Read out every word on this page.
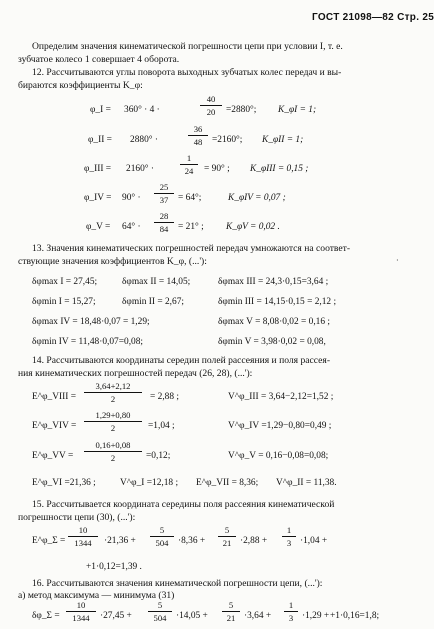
ГОСТ 21098—82 Стр. 25
Определим значения кинематической погрешности цепи при условии I, т. е.
зубчатое колесо 1 совершает 4 оборота.
12. Рассчитываются углы поворота выходных зубчатых колес передач и вы-
бираются коэффициенты K_φ:
φ_I = 360° · 4 ·
40
20	=2880°; K_φI = 1;
φ_II = 2880° ·
36
48	=2160°; K_φII = 1;
φ_III = 2160° ·
1
24	= 90° ; K_φIII = 0,15 ;
φ_IV = 90° ·
25
37	= 64°;	K_φIV = 0,07 ;
φ_V = 64° ·
28
84	= 21° ; K_φV = 0,02 .
13. Значения кинематических погрешностей передач умножаются на соответ-
ствующие значения коэффициентов K_φ, (...'):	·
δφmax I = 27,45;	δφmax II = 14,05;	δφmax III = 24,3·0,15=3,64 ;
δφmin I = 15,27;	δφmin II = 2,67;	δφmin III = 14,15·0,15 = 2,12 ;
δφmax IV = 18,48·0,07 = 1,29;	δφmax V = 8,08·0,02 = 0,16 ;
δφmin IV = 11,48·0,07=0,08;	δφmin V = 3,98·0,02 = 0,08,
14. Рассчитываются координаты середин полей рассеяния и поля рассея-
ния кинематических погрешностей передач (26, 28), (...'):
E^φ_VIII =
3,64+2,12
2	= 2,88 ;	V^φ_III = 3,64−2,12=1,52 ;
E^φ_VIV =
1,29+0,80
2	=1,04 ;	V^φ_IV =1,29−0,80=0,49 ;
E^φ_VV =
0,16+0,08
2	=0,12;	V^φ_V = 0,16−0,08=0,08;
E^φ_VI =21,36 ;	V^φ_I =12,18 ; E^φ_VII = 8,36; V^φ_II = 11,38.
15. Рассчитывается координата середины поля рассеяния кинематической
погрешности цепи (30), (...'):
E^φ_Σ =
10
1344	·21,36 +
5
504	·8,36 +
5
21 ·2,88 +
1
3 ·1,04 +
+1·0,12=1,39 .
16. Рассчитываются значения кинематической погрешности цепи, (...'):
а) метод максимума — минимума (31)
δφ_Σ =
10
1344	·27,45 +
5
504	·14,05 +
5
21 ·3,64 +
1
3 ·1,29 + +1·0,16=1,8;
